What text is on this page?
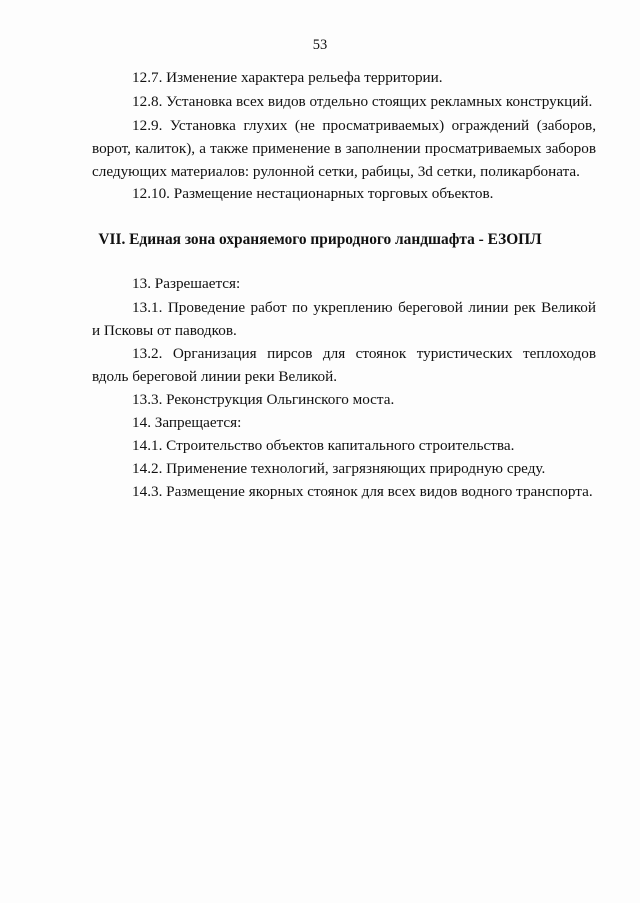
53
12.7. Изменение характера рельефа территории.
12.8. Установка всех видов отдельно стоящих рекламных конструкций.
12.9. Установка глухих (не просматриваемых) ограждений (заборов,
ворот, калиток), а также применение в заполнении просматриваемых заборов
следующих материалов: рулонной сетки, рабицы, 3d сетки, поликарбоната.
12.10. Размещение нестационарных торговых объектов.
VII. Единая зона охраняемого природного ландшафта - ЕЗОПЛ
13. Разрешается:
13.1. Проведение работ по укреплению береговой линии рек Великой
и Псковы от паводков.
13.2. Организация пирсов для стоянок туристических теплоходов
вдоль береговой линии реки Великой.
13.3. Реконструкция Ольгинского моста.
14. Запрещается:
14.1. Строительство объектов капитального строительства.
14.2. Применение технологий, загрязняющих природную среду.
14.3. Размещение якорных стоянок для всех видов водного транспорта.
